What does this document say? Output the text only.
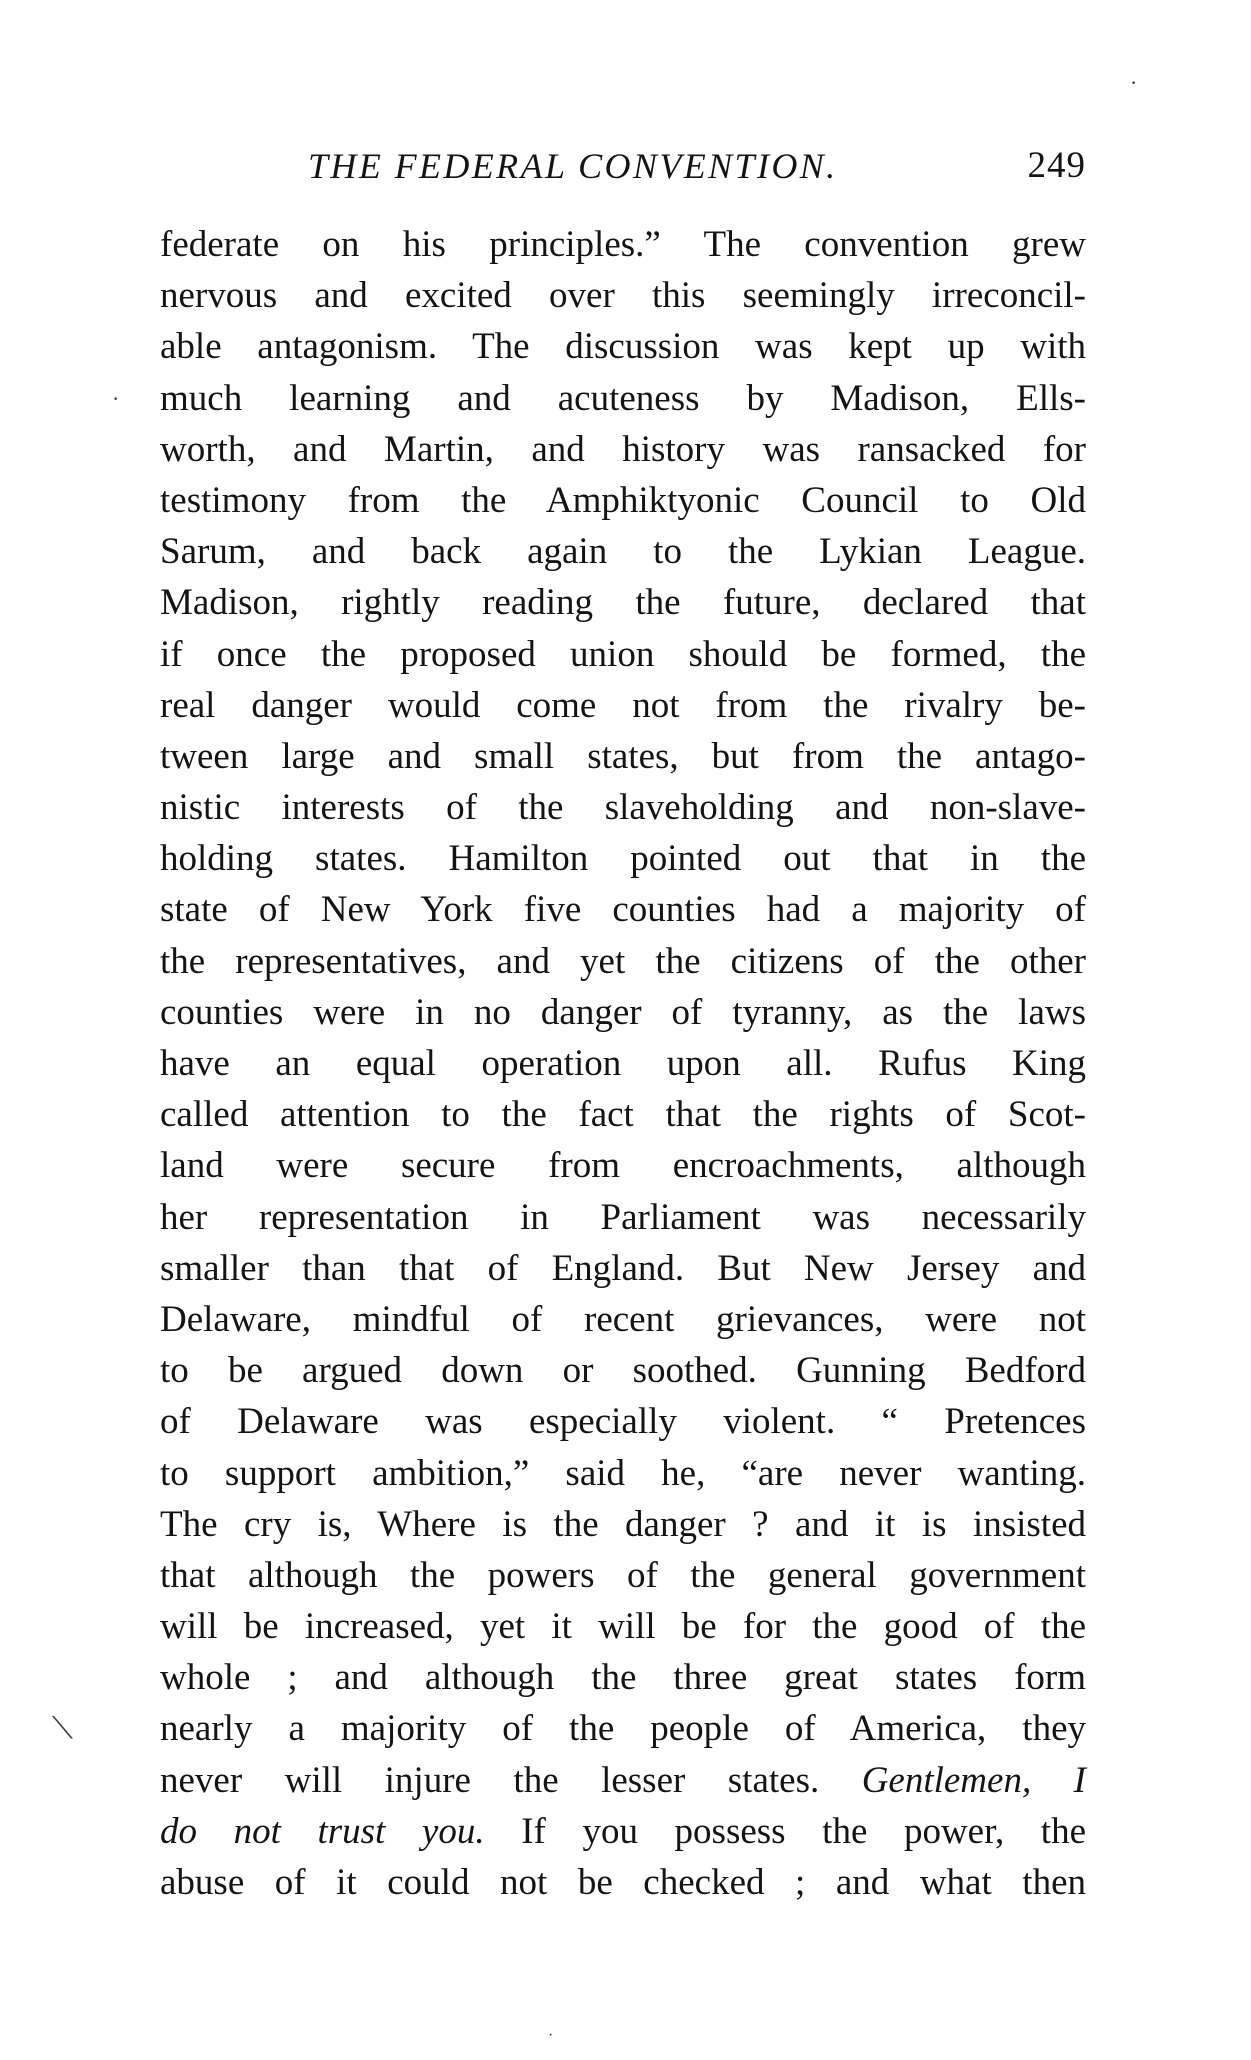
THE FEDERAL CONVENTION.	249
federate on his principles.” The convention grew
nervous and excited over this seemingly irreconcil-
able antagonism. The discussion was kept up with
much learning and acuteness by Madison, Ells-
worth, and Martin, and history was ransacked for
testimony from the Amphiktyonic Council to Old
Sarum, and back again to the Lykian League.
Madison, rightly reading the future, declared that
if once the proposed union should be formed, the
real danger would come not from the rivalry be-
tween large and small states, but from the antago-
nistic interests of the slaveholding and non-slave-
holding states. Hamilton pointed out that in the
state of New York five counties had a majority of
the representatives, and yet the citizens of the other
counties were in no danger of tyranny, as the laws
have an equal operation upon all. Rufus King
called attention to the fact that the rights of Scot-
land were secure from encroachments, although
her representation in Parliament was necessarily
smaller than that of England. But New Jersey and
Delaware, mindful of recent grievances, were not
to be argued down or soothed. Gunning Bedford
of Delaware was especially violent. “ Pretences
to support ambition,” said he, “are never wanting.
The cry is, Where is the danger ? and it is insisted
that although the powers of the general government
will be increased, yet it will be for the good of the
whole ; and although the three great states form
nearly a majority of the people of America, they
never will injure the lesser states. Gentlemen, I
do not trust you. If you possess the power, the
abuse of it could not be checked ; and what then
·
·
⟍
·
